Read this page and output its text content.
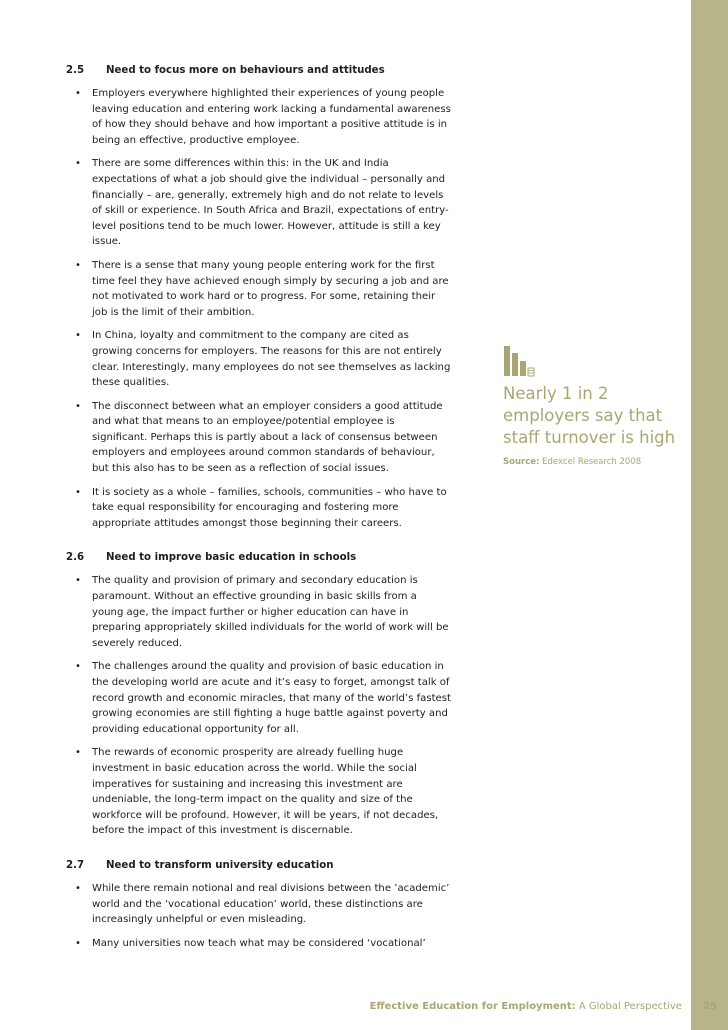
2.5	Need to focus more on behaviours and attitudes
• Employers everywhere highlighted their experiences of young people leaving education and entering work lacking a fundamental awareness of how they should behave and how important a positive attitude is in being an effective, productive employee.
• There are some differences within this: in the UK and India expectations of what a job should give the individual – personally and financially – are, generally, extremely high and do not relate to levels of skill or experience. In South Africa and Brazil, expectations of entry-level positions tend to be much lower. However, attitude is still a key issue.
• There is a sense that many young people entering work for the first time feel they have achieved enough simply by securing a job and are not motivated to work hard or to progress. For some, retaining their job is the limit of their ambition.
• In China, loyalty and commitment to the company are cited as growing concerns for employers. The reasons for this are not entirely clear. Interestingly, many employees do not see themselves as lacking these qualities.
• The disconnect between what an employer considers a good attitude and what that means to an employee/potential employee is significant. Perhaps this is partly about a lack of consensus between employers and employees around common standards of behaviour, but this also has to be seen as a reflection of social issues.
• It is society as a whole – families, schools, communities – who have to take equal responsibility for encouraging and fostering more appropriate attitudes amongst those beginning their careers.
2.6	Need to improve basic education in schools
• The quality and provision of primary and secondary education is paramount. Without an effective grounding in basic skills from a young age, the impact further or higher education can have in preparing appropriately skilled individuals for the world of work will be severely reduced.
• The challenges around the quality and provision of basic education in the developing world are acute and it’s easy to forget, amongst talk of record growth and economic miracles, that many of the world’s fastest growing economies are still fighting a huge battle against poverty and providing educational opportunity for all.
• The rewards of economic prosperity are already fuelling huge investment in basic education across the world. While the social imperatives for sustaining and increasing this investment are undeniable, the long-term impact on the quality and size of the workforce will be profound. However, it will be years, if not decades, before the impact of this investment is discernable.
2.7	Need to transform university education
• While there remain notional and real divisions between the ’academic’ world and the ‘vocational education’ world, these distinctions are increasingly unhelpful or even misleading.
• Many universities now teach what may be considered ‘vocational’
Nearly 1 in 2 employers say that staff turnover is high
Source: Edexcel Research 2008
Effective Education for Employment: A Global Perspective 25
